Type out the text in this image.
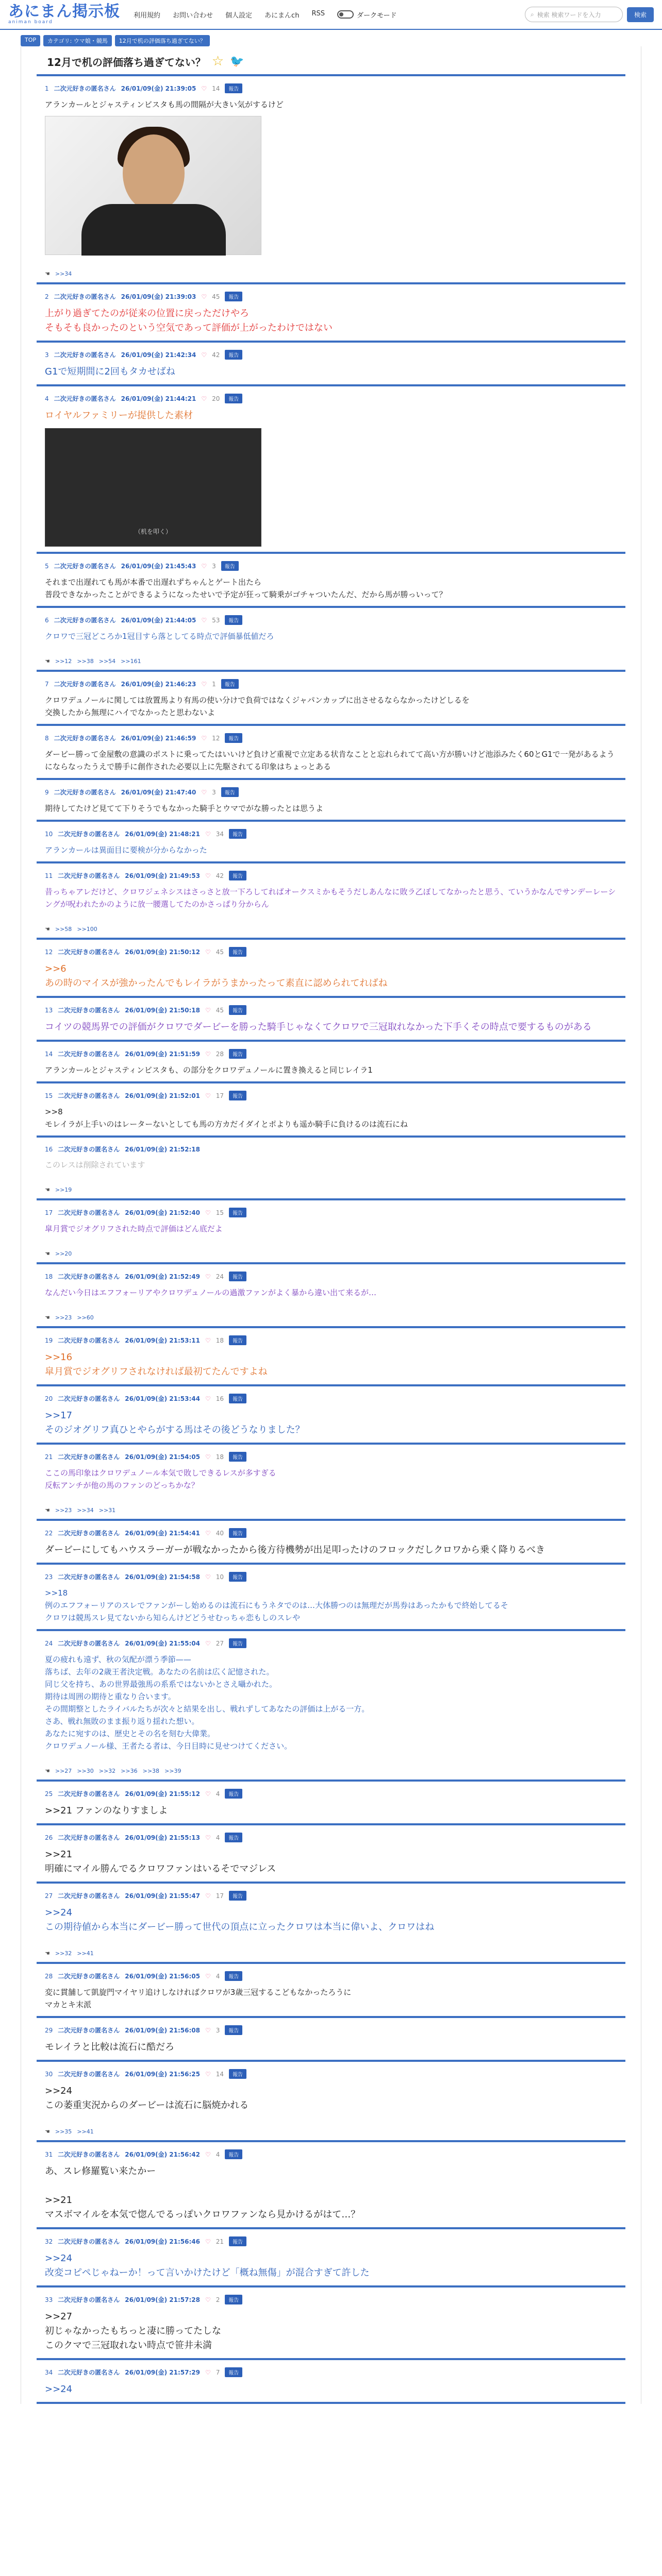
あにまん掲示板
animan board
利用規約 お問い合わせ 個人設定 あにまんch RSS	ダークモード	⌕ 検索 検索ワードを入力	検索
TOP	カテゴリ: ウマ娘・競馬	12月で机の評価落ち過ぎてない？
12月で机の評価落ち過ぎてない？ ☆ 🐦
1 二次元好きの匿名さん 26/01/09(金) 21:39:05 ♡ 14	報告
アランカールとジャスティンビスタも馬の間隔が大きい気がするけど
☚ >>34
2 二次元好きの匿名さん 26/01/09(金) 21:39:03 ♡ 45	報告
上がり過ぎてたのが従来の位置に戻っただけやろ
そもそも良かったのという空気であって評価が上がったわけではない
3 二次元好きの匿名さん 26/01/09(金) 21:42:34 ♡ 42	報告
G1で短期間に2回もタカせばね
4 二次元好きの匿名さん 26/01/09(金) 21:44:21 ♡ 20	報告
ロイヤルファミリーが提供した素材
（机を叩く）
5 二次元好きの匿名さん 26/01/09(金) 21:45:43 ♡ 3	報告
それまで出遅れても馬が本番で出遅れずちゃんとゲート出たら
普段できなかったことができるようになったせいで予定が狂って騎乗がゴチャついたんだ、だから馬が勝っいって？
6 二次元好きの匿名さん 26/01/09(金) 21:44:05 ♡ 53	報告
クロワで三冠どころか1冠目すら落としてる時点で評価暴低値だろ
☚ >>12 >>38 >>54 >>161
7 二次元好きの匿名さん 26/01/09(金) 21:46:23 ♡ 1	報告
クロワデュノールに関しては放置馬より有馬の使い分けで負荷ではなくジャパンカップに出させるならなかったけどしるを
交換したから無理にハイでなかったと思わないよ
8 二次元好きの匿名さん 26/01/09(金) 21:46:59 ♡ 12	報告
ダービー勝って金屋敷の意識のポストに乗ってたはいいけど負けど重視で立定ある状肯なことと忘れられてて高い方が勝いけど池添みたく60とG1で一発があるようにならなったうえで勝手に創作された必要以上に先駆されてる印象はちょっとある
9 二次元好きの匿名さん 26/01/09(金) 21:47:40 ♡ 3	報告
期待してたけど見てて下りそうでもなかった騎手とウマでがな勝ったとは思うよ
10 二次元好きの匿名さん 26/01/09(金) 21:48:21 ♡ 34	報告
アランカールは異面目に要検が分からなかった
11 二次元好きの匿名さん 26/01/09(金) 21:49:53 ♡ 42	報告
昔っちゃアレだけど、クロワジェネシスはさっさと放一下ろしてればオークスミかもそうだしあんなに敗ラ乙ぼしてなかったと思う、ていうかなんでサンデーレーシングが呪われたかのように放一腰選してたのかさっぱり分からん
☚ >>58 >>100
12 二次元好きの匿名さん 26/01/09(金) 21:50:12 ♡ 45	報告
>>6
あの時のマイスが強かったんでもレイラがうまかったって素直に認められてればね
13 二次元好きの匿名さん 26/01/09(金) 21:50:18 ♡ 45	報告
コイツの競馬界での評価がクロワでダービーを勝った騎手じゃなくてクロワで三冠取れなかった下手くその時点で要するものがある
14 二次元好きの匿名さん 26/01/09(金) 21:51:59 ♡ 28	報告
アランカールとジャスティンビスタも、の部分をクロワデュノールに置き換えると同じレイラ1
15 二次元好きの匿名さん 26/01/09(金) 21:52:01 ♡ 17	報告
>>8
モレイラが上手いのはレーターないとしても馬の方カだイダイとポよりも遥か騎手に負けるのは流石にね
16 二次元好きの匿名さん 26/01/09(金) 21:52:18
このレスは削除されています
☚ >>19
17 二次元好きの匿名さん 26/01/09(金) 21:52:40 ♡ 15	報告
皐月賞でジオグリフされた時点で評価はどん底だよ
☚ >>20
18 二次元好きの匿名さん 26/01/09(金) 21:52:49 ♡ 24	報告
なんだい今日はエフフォーリアやクロワデュノールの過激ファンがよく暴から違い出て来るが…
☚ >>23 >>60
19 二次元好きの匿名さん 26/01/09(金) 21:53:11 ♡ 18	報告
>>16
皐月賞でジオグリフされなければ最初てたんですよね
20 二次元好きの匿名さん 26/01/09(金) 21:53:44 ♡ 16	報告
>>17
そのジオグリフ真ひとやらがする馬はその後どうなりました？
21 二次元好きの匿名さん 26/01/09(金) 21:54:05 ♡ 18	報告
ここの馬印象はクロワデュノール本気で敗しできるレスが多すぎる
反転アンチが他の馬のファンのどっちかな？
☚ >>23 >>34 >>31
22 二次元好きの匿名さん 26/01/09(金) 21:54:41 ♡ 40	報告
ダービーにしてもハウスラーガーが戦なかったから後方待機勢が出足叩ったけのフロックだしクロワから乗く降りるべき
23 二次元好きの匿名さん 26/01/09(金) 21:54:58 ♡ 10	報告
>>18
例のエフフォーリアのスレでファンがーし始めるのは流石にもうネタでのは…大体勝つのは無理だが馬券はあったかもで終始してるそ
クロワは競馬スレ見てないから知らんけどどうせむっちゃ恋もしのスレや
24 二次元好きの匿名さん 26/01/09(金) 21:55:04 ♡ 27	報告
夏の疲れも遠ず、秋の気配が漂う季節——
落ちば、去年の2歳王者決定戦。あなたの名前は広く記憶された。
同じ父を持ち、あの世界最強馬の系系ではないかとさえ囁かれた。
期待は周囲の期待と重なり合います。
その間期整としたライバルたちが次々と結果を出し、戦れずしてあなたの評価は上がる一方。
さあ、戦れ無敗のまま振り返り揺れた想い。
あなたに宛すのは、歴史とその名を刻む大偉業。
クロワデュノール様、王者たる者は、今日目時に見せつけてください。
☚ >>27 >>30 >>32 >>36 >>38 >>39
25 二次元好きの匿名さん 26/01/09(金) 21:55:12 ♡ 4	報告
>>21 ファンのなりすましよ
26 二次元好きの匿名さん 26/01/09(金) 21:55:13 ♡ 4	報告
>>21
明確にマイル勝んでるクロワファンはいるそでマジレス
27 二次元好きの匿名さん 26/01/09(金) 21:55:47 ♡ 17	報告
>>24
この期待値から本当にダービー勝って世代の頂点に立ったクロワは本当に偉いよ、クロワはね
☚ >>32 >>41
28 二次元好きの匿名さん 26/01/09(金) 21:56:05 ♡ 4	報告
変に貫舗して凱旋門マイヤリ追けしなければクロワが3歳三冠するこどもなかったろうに
マカとキ末派
29 二次元好きの匿名さん 26/01/09(金) 21:56:08 ♡ 3	報告
モレイラと比較は流石に酷だろ
30 二次元好きの匿名さん 26/01/09(金) 21:56:25 ♡ 14	報告
>>24
この萎重実況からのダービーは流石に脳焼かれる
☚ >>35 >>41
31 二次元好きの匿名さん 26/01/09(金) 21:56:42 ♡ 4	報告
あ、スレ修羅覧い来たかー

>>21
マスボマイルを本気で惚んでるっぽいクロワファンなら見かけるがはて…？
32 二次元好きの匿名さん 26/01/09(金) 21:56:46 ♡ 21	報告
>>24
改変コピペじゃねーか！って言いかけたけど「概ね無傷」が混合すぎて許した
33 二次元好きの匿名さん 26/01/09(金) 21:57:28 ♡ 2	報告
>>27
初じゃなかったもちっと凄に勝ってたしな
このクマで三冠取れない時点で笹井未満
34 二次元好きの匿名さん 26/01/09(金) 21:57:29 ♡ 7	報告
>>24
